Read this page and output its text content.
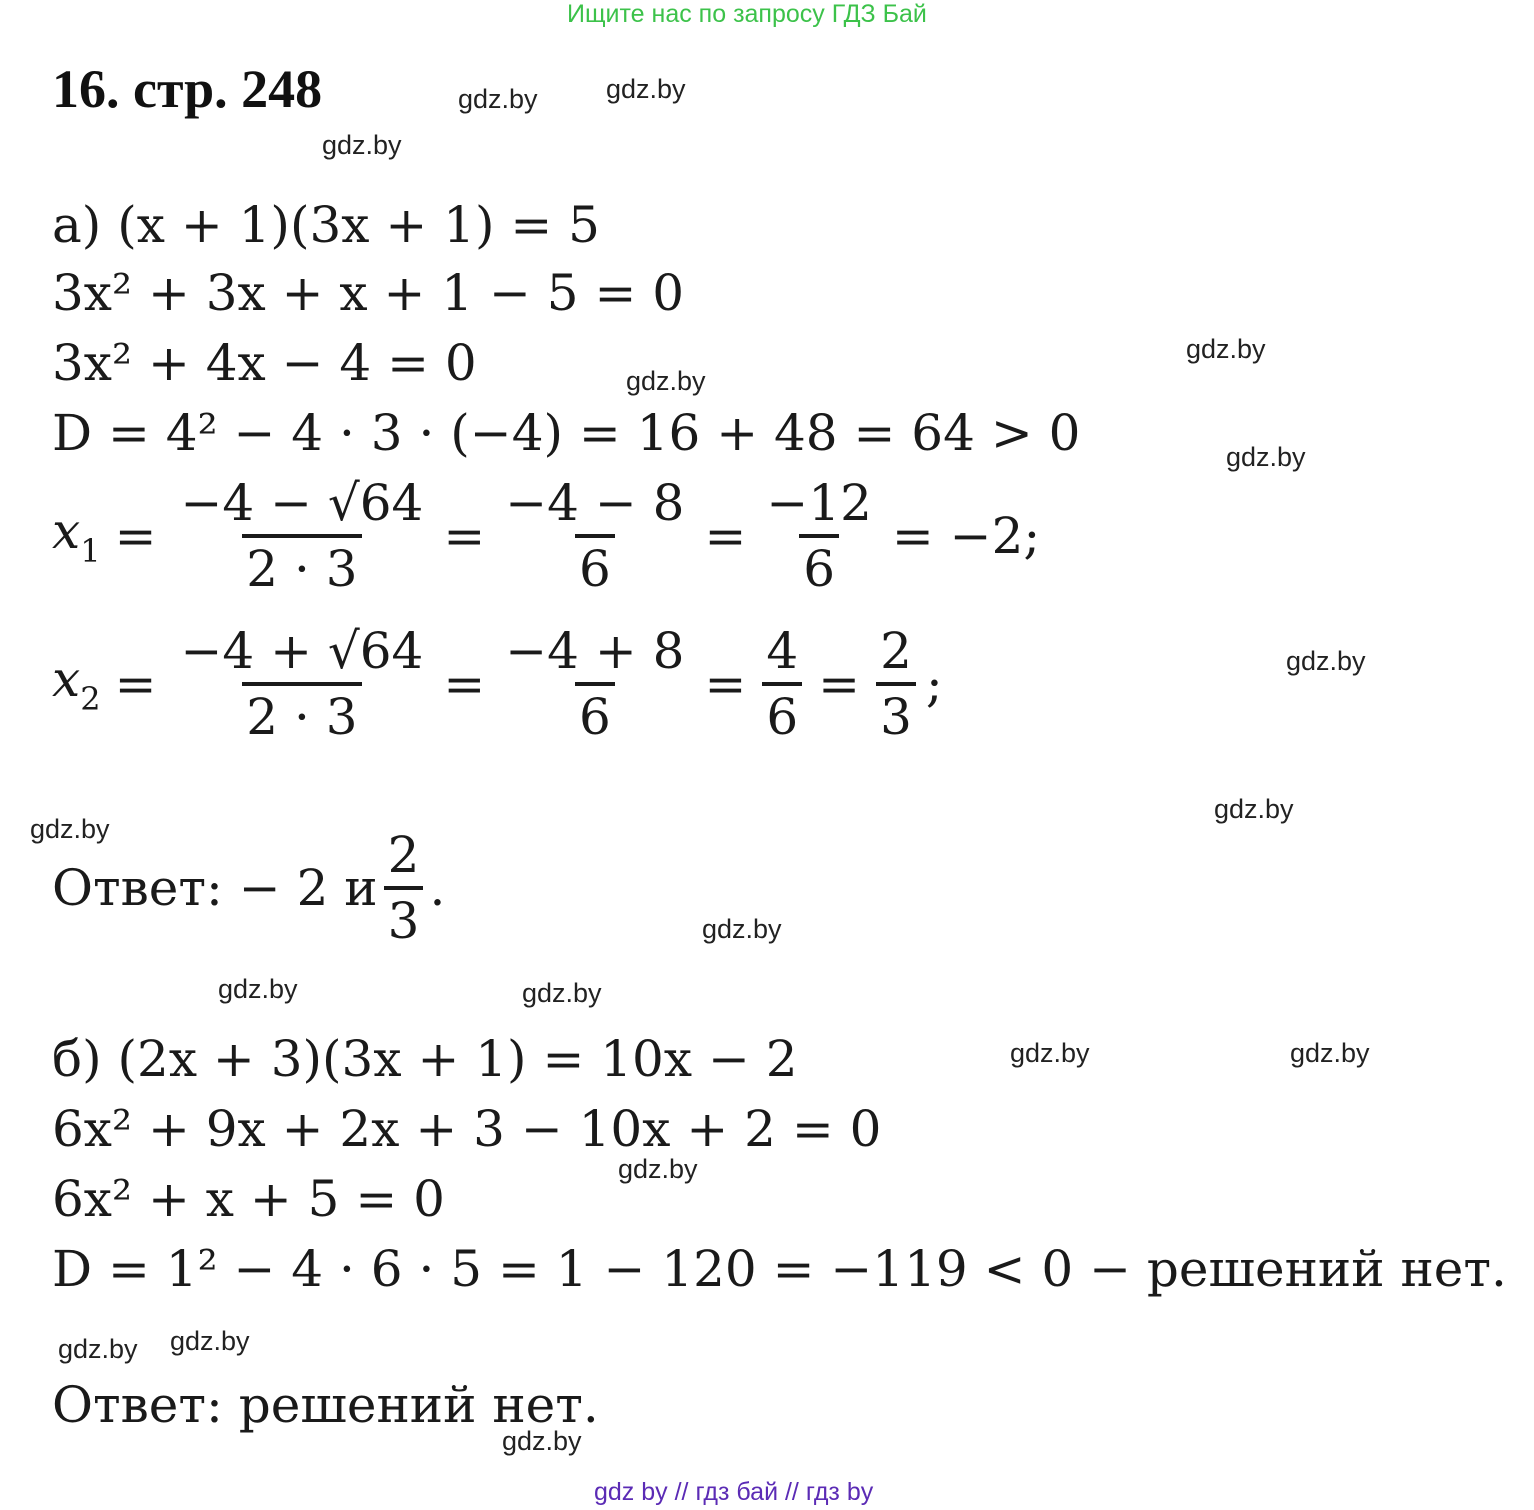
Ищите нас по запросу ГДЗ Бай
16. стр. 248	gdz.by	gdz.by
gdz.by
gdz.by
gdz.by
gdz.by
gdz.by
gdz.by
gdz.by
gdz.by
gdz.by	gdz.by
gdz.by	gdz.by
gdz.by
gdz.by gdz.by
gdz.by
а) (x + 1)(3x + 1) = 5
3x² + 3x + x + 1 − 5 = 0
3x² + 4x − 4 = 0
D = 4² − 4 · 3 · (−4) = 16 + 48 = 64 > 0
$x_1 = \frac{-4 - √64}{2 \cdot 3} = \frac{-4 - 8}{6} = \frac{-12}{6} = -2$;
$x_2 = \frac{-4 + √64}{2 \cdot 3} = \frac{-4 + 8}{6} = \frac{4}{6} = \frac{2}{3}$ ;
Ответ: − 2 и $\frac{2}{3}$ .
б) (2x + 3)(3x + 1) = 10x − 2
6x² + 9x + 2x + 3 − 10x + 2 = 0
6x² + x + 5 = 0
D = 1² − 4 · 6 · 5 = 1 − 120 = −119 < 0 − решений нет.
Ответ: решений нет.
gdz by // гдз бай // гдз by
